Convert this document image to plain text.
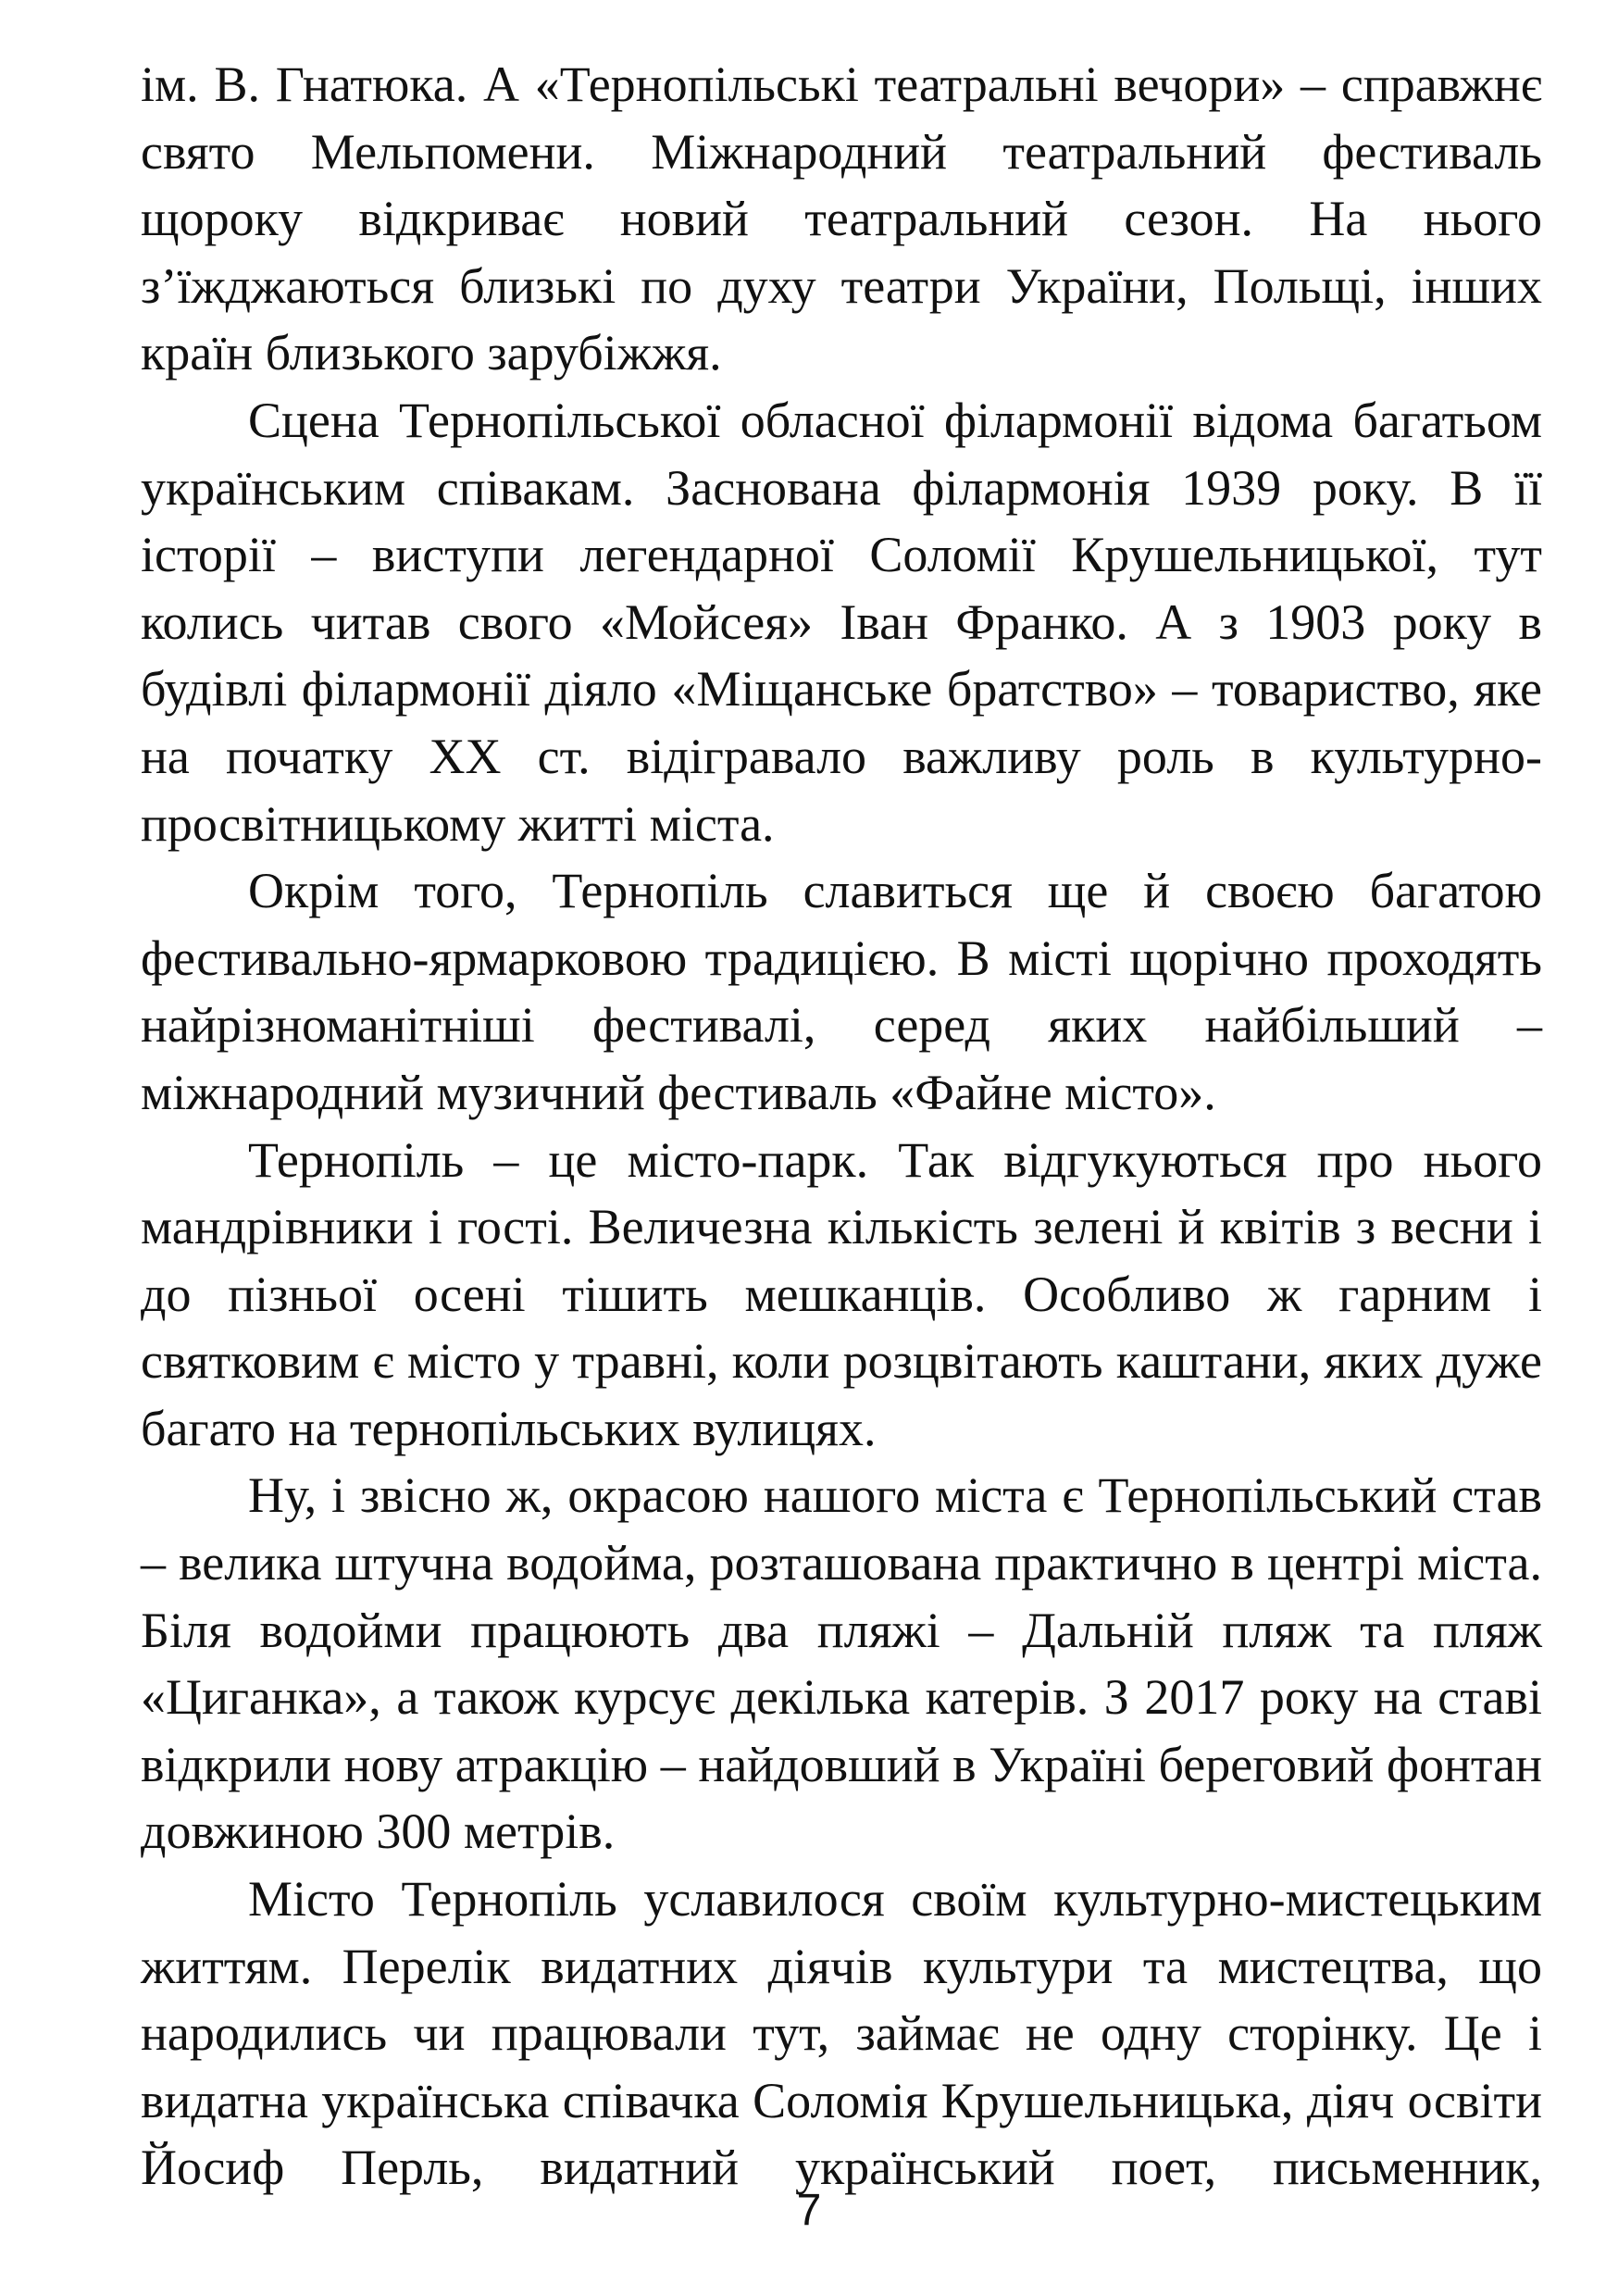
ім. В. Гнатюка. А «Тернопільські театральні вечори» – справжнє свято Мельпомени. Міжнародний театральний фестиваль щороку відкриває новий театральний сезон. На нього з’їжджаються близькі по духу театри України, Польщі, інших країн близького зарубіжжя.

Сцена Тернопільської обласної філармонії відома багатьом українським співакам. Заснована філармонія 1939 року. В її історії – виступи легендарної Соломії Крушельницької, тут колись читав свого «Мойсея» Іван Франко. А з 1903 року в будівлі філармонії діяло «Міщанське братство» – товариство, яке на початку XX ст. відігравало важливу роль в культурно-просвітницькому житті міста.

Окрім того, Тернопіль славиться ще й своєю багатою фестивально-ярмарковою традицією. В місті щорічно проходять найрізноманітніші фестивалі, серед яких найбільший – міжнародний музичний фестиваль «Файне місто».

Тернопіль – це місто-парк. Так відгукуються про нього мандрівники і гості. Величезна кількість зелені й квітів з весни і до пізньої осені тішить мешканців. Особливо ж гарним і святковим є місто у травні, коли розцвітають каштани, яких дуже багато на тернопільських вулицях.

Ну, і звісно ж, окрасою нашого міста є Тернопільський став – велика штучна водойма, розташована практично в центрі міста. Біля водойми працюють два пляжі – Дальній пляж та пляж «Циганка», а також курсує декілька катерів. З 2017 року на ставі відкрили нову атракцію – найдовший в Україні береговий фонтан довжиною 300 метрів.

Місто Тернопіль уславилося своїм культурно-мистецьким життям. Перелік видатних діячів культури та мистецтва, що народились чи працювали тут, займає не одну сторінку. Це і видатна українська співачка Соломія Крушельницька, діяч освіти Йосиф Перль, видатний український поет, письменник,

7
